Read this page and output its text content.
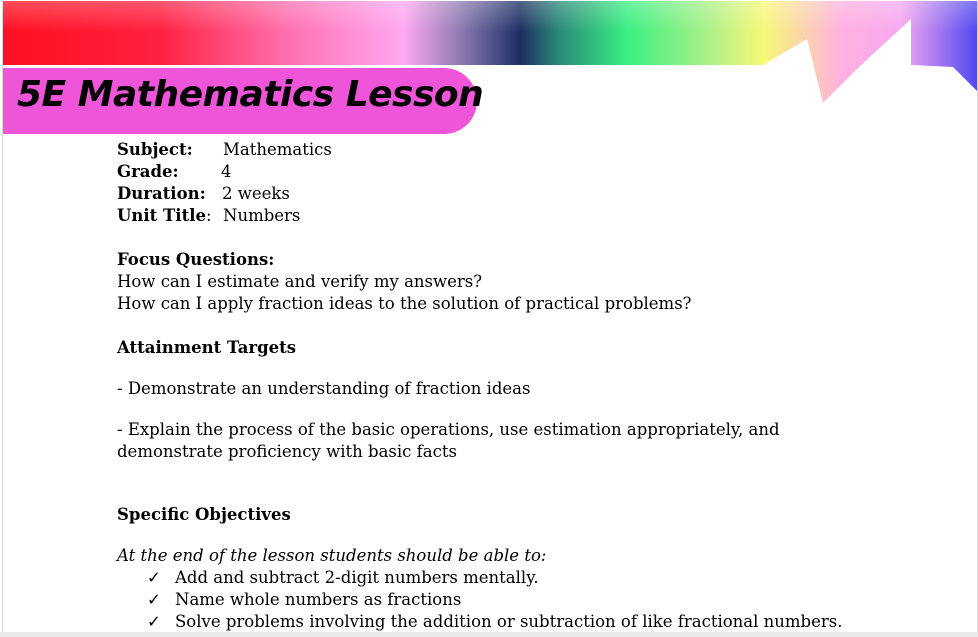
5E Mathematics Lesson
Subject: Mathematics
Grade:	4
Duration: 2 weeks
Unit Title : Numbers
Focus Questions:
How can I estimate and verify my answers?
How can I apply fraction ideas to the solution of practical problems?
Attainment Targets
- Demonstrate an understanding of fraction ideas
- Explain the process of the basic operations, use estimation appropriately, and
demonstrate proficiency with basic facts
Specific Objectives
At the end of the lesson students should be able to:
✓ Add and subtract 2-digit numbers mentally.
✓ Name whole numbers as fractions
✓ Solve problems involving the addition or subtraction of like fractional numbers.
